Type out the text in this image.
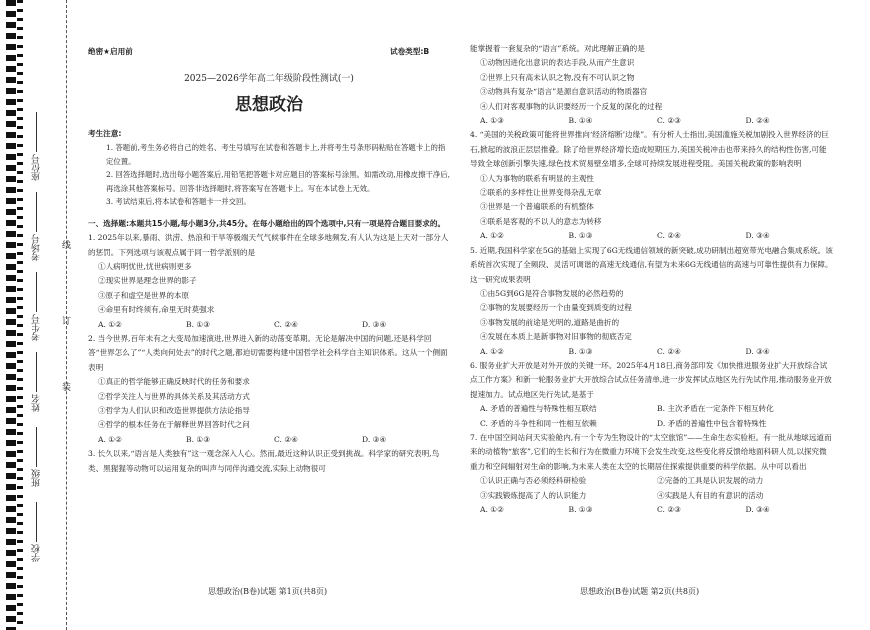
座位号
考场号
考生号
姓名
班级
学校
线
订
装
绝密★启用前	试卷类型:B
2025—2026学年高二年级阶段性测试(一)
思想政治

考生注意:

1. 答题前,考生务必将自己的姓名、考生号填写在试卷和答题卡上,并将考生号条形码粘贴在答题卡上的指定位置。

2. 回答选择题时,选出每小题答案后,用铅笔把答题卡对应题目的答案标号涂黑。如需改动,用橡皮擦干净后,再选涂其他答案标号。回答非选择题时,将答案写在答题卡上。写在本试卷上无效。

3. 考试结束后,将本试卷和答题卡一并交回。

一、选择题:本题共15小题,每小题3分,共45分。在每小题给出的四个选项中,只有一项是符合题目要求的。

1. 2025年以来,暴雨、洪涝、热浪和干旱等极端天气气候事件在全球多地频发,有人认为这是上天对一部分人的惩罚。下列选项与该观点属于同一哲学派别的是

①人病明忧世,忧世病则更多

②现实世界是理念世界的影子

③原子和虚空是世界的本原

④命里有时终须有,命里无时莫强求

A. ①②	B. ①③	C. ②④	D. ③④

2. 当今世界,百年未有之大变局加速演进,世界进入新的动荡变革期。无论是解决中国的问题,还是科学回答“世界怎么了”“人类向何处去”的时代之题,都迫切需要构建中国哲学社会科学自主知识体系。这从一个侧面表明

①真正的哲学能够正确反映时代的任务和要求

②哲学关注人与世界的具体关系及其活动方式

③哲学为人们认识和改造世界提供方法论指导

④哲学的根本任务在于解释世界回答时代之问

A. ①②	B. ①③	C. ②④	D. ③④

3. 长久以来,“语言是人类独有”这一观念深入人心。然而,最近这种认识正受到挑战。科学家的研究表明,鸟类、黑猩猩等动物可以运用复杂的叫声与同伴沟通交流,实际上动物很可

能掌握着一套复杂的“语言”系统。对此理解正确的是

①动物因进化出意识的表达手段,从而产生意识

②世界上只有高未认识之物,没有不可认识之物

③动物具有复杂“语言”是源自意识活动的物质器官

④人们对客观事物的认识要经历一个反复的深化的过程

A. ①③	B. ①④	C. ②③	D. ②④

4. “美国的关税政策可能将世界推向‘经济熔断’边缘”。有分析人士指出,美国滥施关税加剧投入世界经济的巨石,掀起的波浪正层层推叠。除了给世界经济增长造成短期压力,美国关税冲击也带来持久的结构性伤害,可能导致全球创新引擎失速,绿色技术贸易壁垒增多,全球可持续发展进程受阻。美国关税政策的影响表明

①人为事物的联系有明显的主观性

②联系的多样性让世界变得杂乱无章

③世界是一个普遍联系的有机整体

④联系是客观的不以人的意志为转移

A. ①②	B. ①③	C. ②④	D. ③④

5. 近期,我国科学家在5G的基础上实现了6G无线通信领域的新突破,成功研制出超宽带光电融合集成系统。该系统首次实现了全频段、灵活可调谐的高速无线通信,有望为未来6G无线通信的高速与可靠性提供有力保障。这一研究成果表明

①由5G到6G是符合事物发展的必然趋势的

②事物的发展要经历一个由量变到质变的过程

③事物发展的前途是光明的,道路是曲折的

④发展在本质上是新事物对旧事物的彻底否定

A. ①②	B. ①③	C. ②④	D. ③④

6. 服务业扩大开放是对外开放的关键一环。2025年4月18日,商务部印发《加快推进服务业扩大开放综合试点工作方案》和新一轮服务业扩大开放综合试点任务清单,进一步发挥试点地区先行先试作用,推动服务业开放提速加力。试点地区先行先试,是基于

A. 矛盾的普遍性与特殊性相互联结	B. 主次矛盾在一定条件下相互转化
C. 矛盾的斗争性和同一性相互依赖	D. 矛盾的普遍性中包含着特殊性

7. 在中国空间站问天实验舱内,有一个专为生物设计的“太空旅馆”——生命生态实验柜。有一批从地球远道而来的动植物“旅客”,它们的生长和行为在微重力环境下会发生改变,这些变化将反馈给地面科研人员,以探究微重力和空间辐射对生命的影响,为未来人类在太空的长期居住探索提供重要的科学依据。从中可以看出

①认识正确与否必须经科研检验	②完备的工具是认识发展的动力
③实践锻炼提高了人的认识能力	④实践是人有目的有意识的活动
A. ①②	B. ①③	C. ②③	D. ③④
思想政治(B卷)试题 第1页(共8页)	思想政治(B卷)试题 第2页(共8页)
